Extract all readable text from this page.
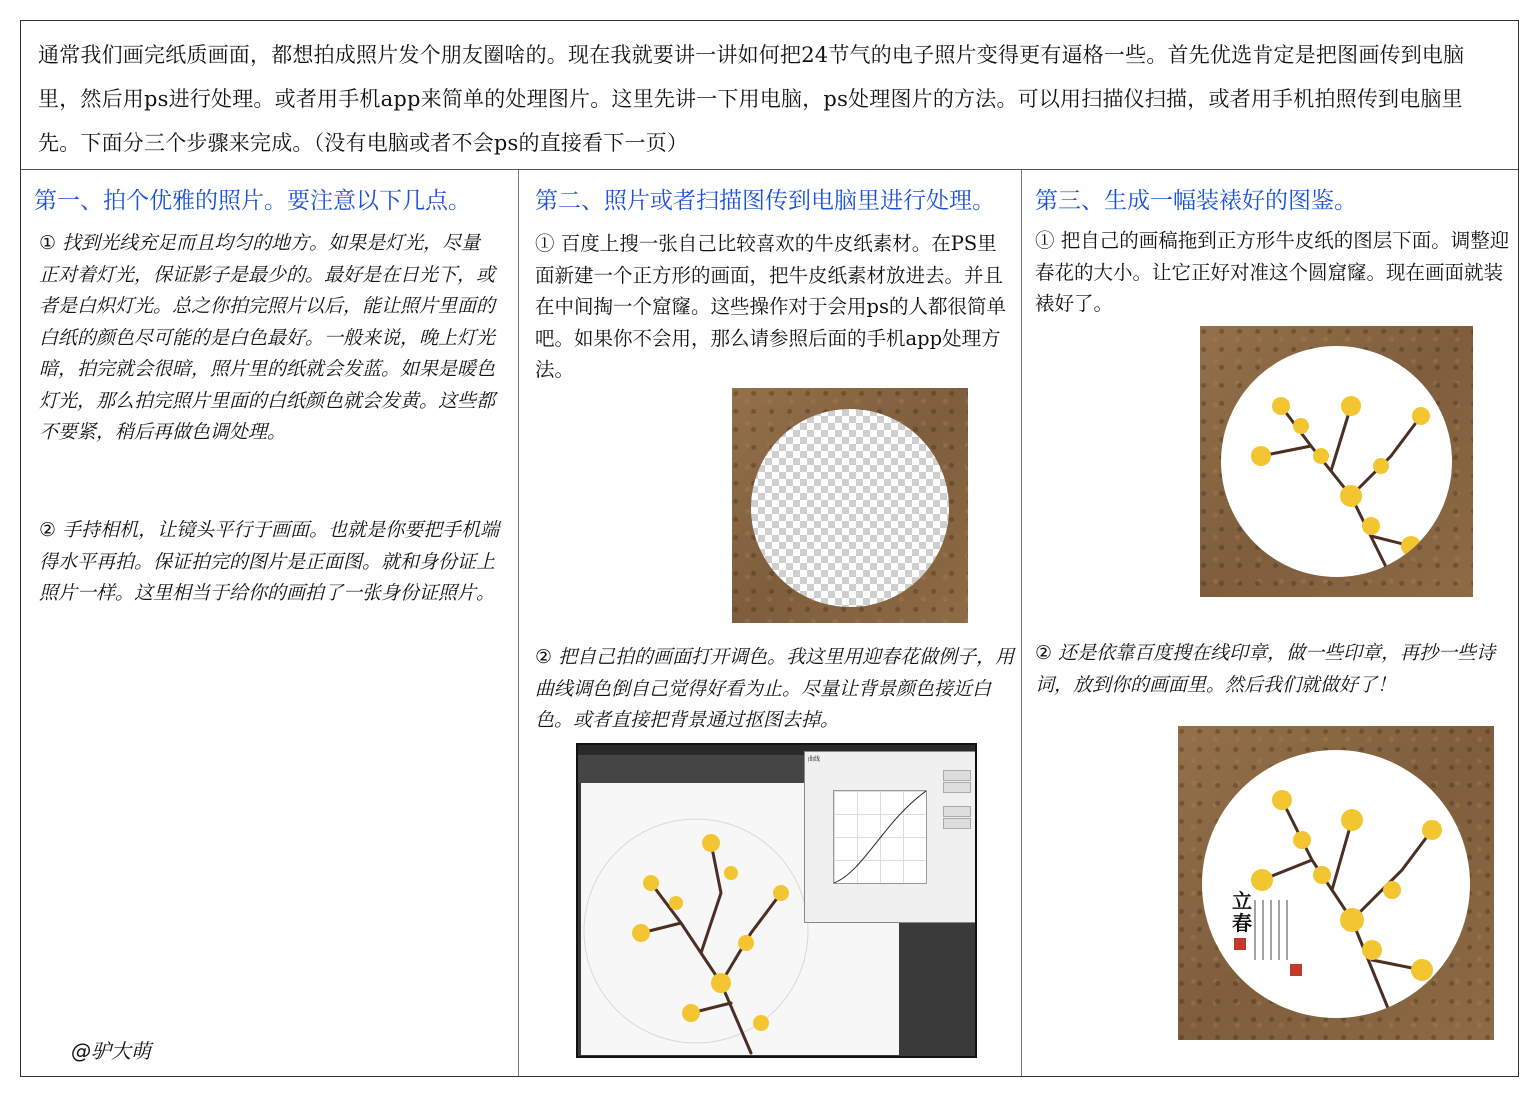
通常我们画完纸质画面，都想拍成照片发个朋友圈啥的。现在我就要讲一讲如何把24节气的电子照片变得更有逼格一些。首先优选肯定是把图画传到电脑里，然后用ps进行处理。或者用手机app来简单的处理图片。这里先讲一下用电脑，ps处理图片的方法。可以用扫描仪扫描，或者用手机拍照传到电脑里先。下面分三个步骤来完成。（没有电脑或者不会ps的直接看下一页）
第一、拍个优雅的照片。要注意以下几点。
① 找到光线充足而且均匀的地方。如果是灯光，尽量正对着灯光，保证影子是最少的。最好是在日光下，或者是白炽灯光。总之你拍完照片以后，能让照片里面的白纸的颜色尽可能的是白色最好。一般来说，晚上灯光暗，拍完就会很暗，照片里的纸就会发蓝。如果是暖色灯光，那么拍完照片里面的白纸颜色就会发黄。这些都不要紧，稍后再做色调处理。
② 手持相机，让镜头平行于画面。也就是你要把手机端得水平再拍。保证拍完的图片是正面图。就和身份证上照片一样。这里相当于给你的画拍了一张身份证照片。
@驴大萌
第二、照片或者扫描图传到电脑里进行处理。
① 百度上搜一张自己比较喜欢的牛皮纸素材。在PS里面新建一个正方形的画面，把牛皮纸素材放进去。并且在中间掏一个窟窿。这些操作对于会用ps的人都很简单吧。如果你不会用，那么请参照后面的手机app处理方法。
② 把自己拍的画面打开调色。我这里用迎春花做例子，用曲线调色倒自己觉得好看为止。尽量让背景颜色接近白色。或者直接把背景通过抠图去掉。
曲线
第三、生成一幅装裱好的图鉴。
① 把自己的画稿拖到正方形牛皮纸的图层下面。调整迎春花的大小。让它正好对准这个圆窟窿。现在画面就装裱好了。
② 还是依靠百度搜在线印章，做一些印章，再抄一些诗词，放到你的画面里。然后我们就做好了！
立春
